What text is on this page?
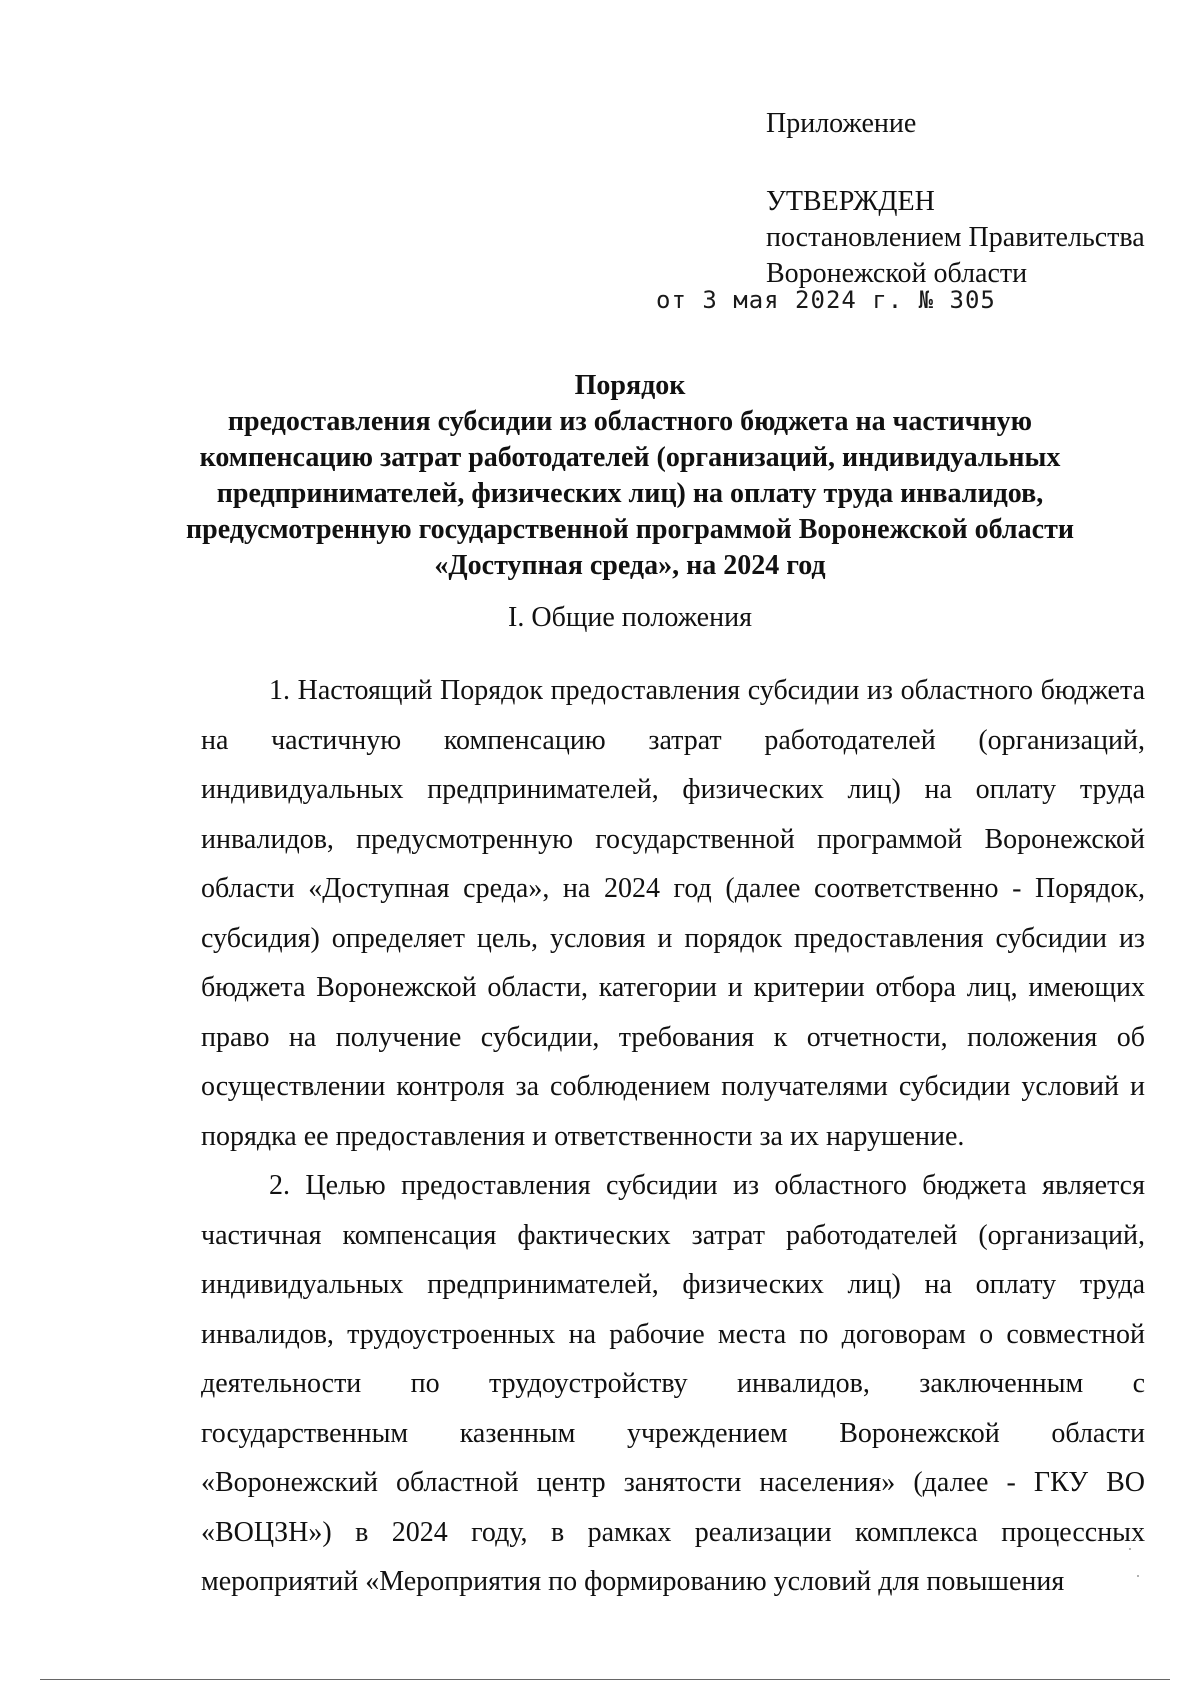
Приложение
УТВЕРЖДЕН
постановлением Правительства
Воронежской области
от 3 мая 2024 г. № 305
Порядок
предоставления субсидии из областного бюджета на частичную
компенсацию затрат работодателей (организаций, индивидуальных
предпринимателей, физических лиц) на оплату труда инвалидов,
предусмотренную государственной программой Воронежской области
«Доступная среда», на 2024 год
I. Общие положения

1. Настоящий Порядок предоставления субсидии из областного бюджета на частичную компенсацию затрат работодателей (организаций, индивидуальных предпринимателей, физических лиц) на оплату труда инвалидов, предусмотренную государственной программой Воронежской области «Доступная среда», на 2024 год (далее соответственно - Порядок, субсидия) определяет цель, условия и порядок предоставления субсидии из бюджета Воронежской области, категории и критерии отбора лиц, имеющих право на получение субсидии, требования к отчетности, положения об осуществлении контроля за соблюдением получателями субсидии условий и порядка ее предоставления и ответственности за их нарушение.

2. Целью предоставления субсидии из областного бюджета является частичная компенсация фактических затрат работодателей (организаций, индивидуальных предпринимателей, физических лиц) на оплату труда инвалидов, трудоустроенных на рабочие места по договорам о совместной деятельности по трудоустройству инвалидов, заключенным с государственным казенным учреждением Воронежской области «Воронежский областной центр занятости населения» (далее - ГКУ ВО «ВОЦЗН») в 2024 году, в рамках реализации комплекса процессных мероприятий «Мероприятия по формированию условий для повышения
